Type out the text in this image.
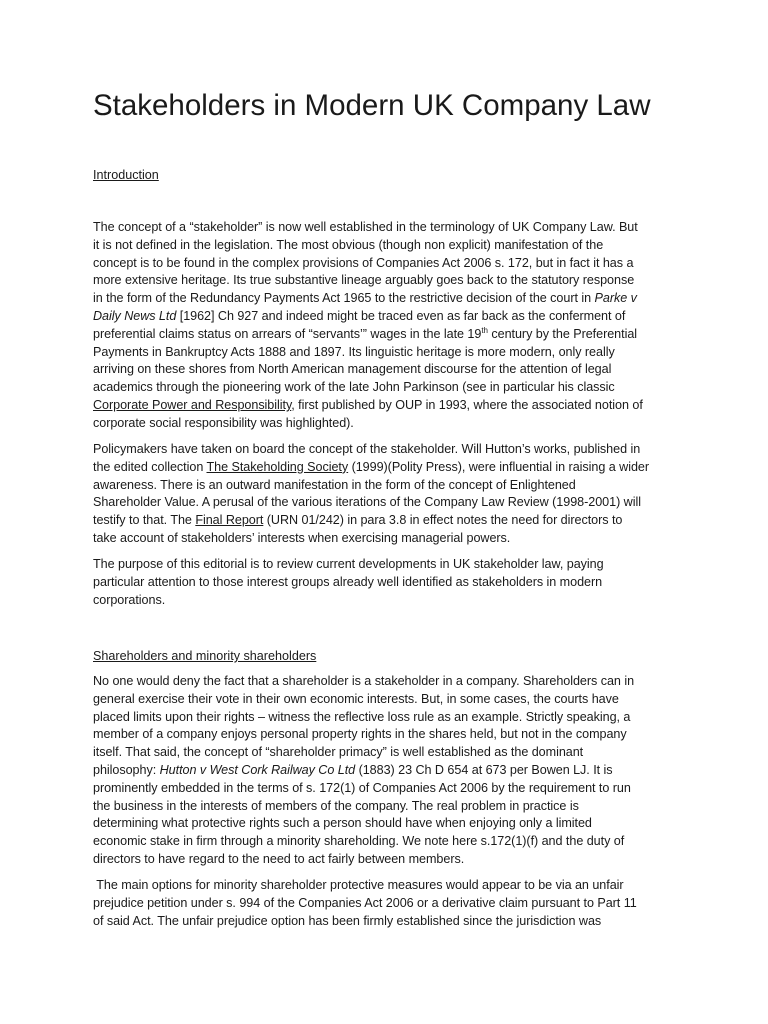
Stakeholders in Modern UK Company Law
Introduction
The concept of a “stakeholder” is now well established in the terminology of UK Company Law. But
it is not defined in the legislation. The most obvious (though non explicit) manifestation of the
concept is to be found in the complex provisions of Companies Act 2006 s. 172, but in fact it has a
more extensive heritage. Its true substantive lineage arguably goes back to the statutory response
in the form of the Redundancy Payments Act 1965 to the restrictive decision of the court in Parke v
Daily News Ltd [1962] Ch 927 and indeed might be traced even as far back as the conferment of
preferential claims status on arrears of “servants’” wages in the late 19th century by the Preferential
Payments in Bankruptcy Acts 1888 and 1897. Its linguistic heritage is more modern, only really
arriving on these shores from North American management discourse for the attention of legal
academics through the pioneering work of the late John Parkinson (see in particular his classic
Corporate Power and Responsibility, first published by OUP in 1993, where the associated notion of
corporate social responsibility was highlighted).
Policymakers have taken on board the concept of the stakeholder. Will Hutton’s works, published in
the edited collection The Stakeholding Society (1999)(Polity Press), were influential in raising a wider
awareness. There is an outward manifestation in the form of the concept of Enlightened
Shareholder Value. A perusal of the various iterations of the Company Law Review (1998-2001) will
testify to that. The Final Report (URN 01/242) in para 3.8 in effect notes the need for directors to
take account of stakeholders’ interests when exercising managerial powers.
The purpose of this editorial is to review current developments in UK stakeholder law, paying
particular attention to those interest groups already well identified as stakeholders in modern
corporations.
Shareholders and minority shareholders
No one would deny the fact that a shareholder is a stakeholder in a company. Shareholders can in
general exercise their vote in their own economic interests. But, in some cases, the courts have
placed limits upon their rights – witness the reflective loss rule as an example. Strictly speaking, a
member of a company enjoys personal property rights in the shares held, but not in the company
itself. That said, the concept of “shareholder primacy” is well established as the dominant
philosophy: Hutton v West Cork Railway Co Ltd (1883) 23 Ch D 654 at 673 per Bowen LJ. It is
prominently embedded in the terms of s. 172(1) of Companies Act 2006 by the requirement to run
the business in the interests of members of the company. The real problem in practice is
determining what protective rights such a person should have when enjoying only a limited
economic stake in firm through a minority shareholding. We note here s.172(1)(f) and the duty of
directors to have regard to the need to act fairly between members.
The main options for minority shareholder protective measures would appear to be via an unfair
prejudice petition under s. 994 of the Companies Act 2006 or a derivative claim pursuant to Part 11
of said Act. The unfair prejudice option has been firmly established since the jurisdiction was
